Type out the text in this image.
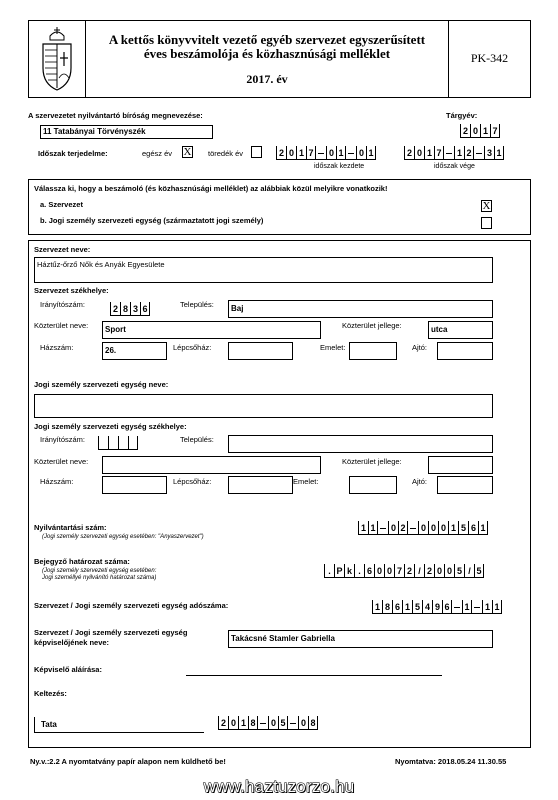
A kettős könyvvitelt vezető egyéb szervezet egyszerűsített
éves beszámolója és közhasznúsági melléklet
2017. év
PK-342
A szervezetet nyilvántartó bíróság megnevezése:	Tárgyév:
11 Tatabányai Törvényszék	2 0 1 7
Időszak terjedelme:	egész év X töredék év	2 0 1 7	0 1	0 1
időszak kezdete
2 0 1 7	1 2	3 1
időszak vége
Válassza ki, hogy a beszámoló (és közhasznúsági melléklet) az alábbiak közül melyikre vonatkozik!
a. Szervezet	X
b. Jogi személy szervezeti egység (származtatott jogi személy)
Szervezet neve:
Háztűz-őrző Nők és Anyák Egyesülete
Szervezet székhelye:
Irányítószám:	2 8 3 6	Település:	Baj
Közterület neve:	Sport	Közterület jellege:	utca
Házszám:	26.	Lépcsőház:	Emelet:	Ajtó:
Jogi személy szervezeti egység neve:
Jogi személy szervezeti egység székhelye:
Irányítószám:	Település:
Közterület neve:	Közterület jellege:
Házszám:	Lépcsőház:	Emelet:	Ajtó:
Nyilvántartási szám:
(Jogi személy szervezeti egység esetében: "Anyaszervezet")
1 1	0 2	0 0 0 1 5 6 1
Bejegyző határozat száma:
(Jogi személy szervezeti egység esetében:
Jogi személlyé nyilvánító határozat száma)
. P k . 6 0 0 7 2 / 2 0 0 5 / 5
Szervezet / Jogi személy szervezeti egység adószáma:	1 8 6 1 5 4 9 6 1	1 1
Szervezet / Jogi személy szervezeti egység
képviselőjének neve:	Takácsné Stamler Gabriella
Képviselő aláírása:
Keltezés:
Tata	2 0 1 8	0 5	0 8
Ny.v.:2.2 A nyomtatvány papír alapon nem küldhető be!	Nyomtatva: 2018.05.24 11.30.55
www.haztuzorzo.hu
